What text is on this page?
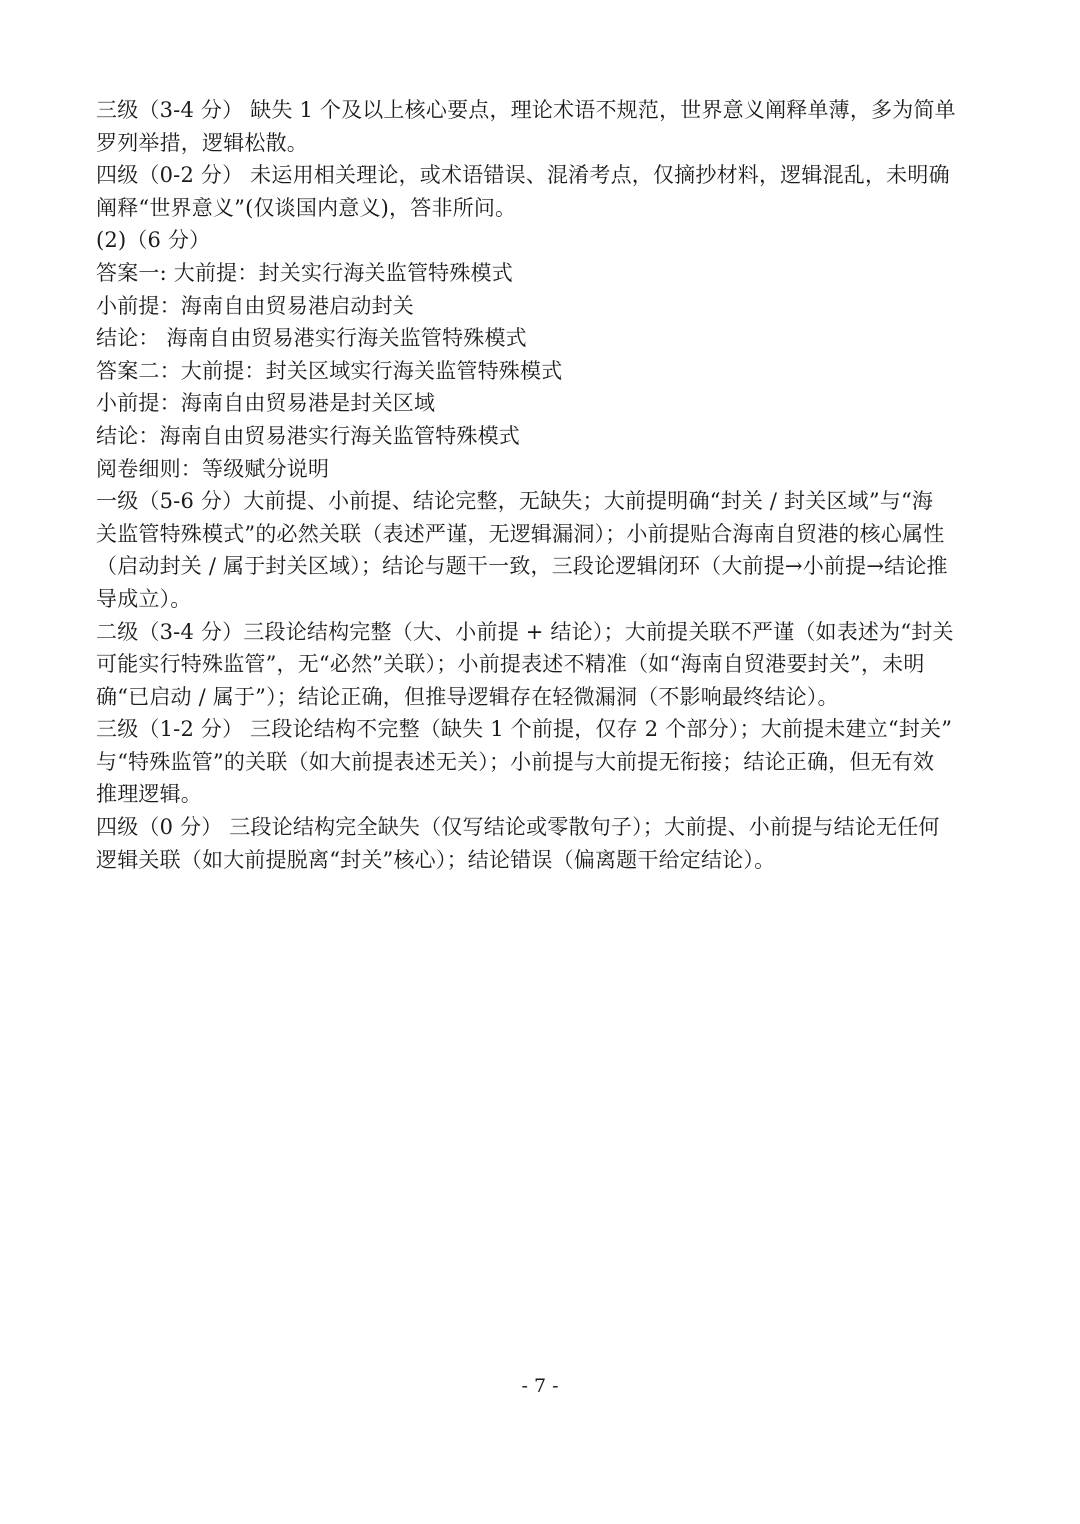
三级（3-4 分） 缺失 1 个及以上核心要点，理论术语不规范，世界意义阐释单薄，多为简单
罗列举措，逻辑松散。
四级（0-2 分） 未运用相关理论，或术语错误、混淆考点，仅摘抄材料，逻辑混乱，未明确
阐释“世界意义”(仅谈国内意义)，答非所问。
(2)（6 分）
答案一: 大前提：封关实行海关监管特殊模式
小前提：海南自由贸易港启动封关
结论： 海南自由贸易港实行海关监管特殊模式
答案二：大前提：封关区域实行海关监管特殊模式
小前提：海南自由贸易港是封关区域
结论：海南自由贸易港实行海关监管特殊模式
阅卷细则：等级赋分说明
一级（5-6 分）大前提、小前提、结论完整，无缺失；大前提明确“封关 / 封关区域”与“海
关监管特殊模式”的必然关联（表述严谨，无逻辑漏洞）；小前提贴合海南自贸港的核心属性
（启动封关 / 属于封关区域）；结论与题干一致，三段论逻辑闭环（大前提→小前提→结论推
导成立）。
二级（3-4 分）三段论结构完整（大、小前提 + 结论）；大前提关联不严谨（如表述为“封关
可能实行特殊监管”，无“必然”关联）；小前提表述不精准（如“海南自贸港要封关”，未明
确“已启动 / 属于”）；结论正确，但推导逻辑存在轻微漏洞（不影响最终结论）。
三级（1-2 分） 三段论结构不完整（缺失 1 个前提，仅存 2 个部分）；大前提未建立“封关”
与“特殊监管”的关联（如大前提表述无关）；小前提与大前提无衔接；结论正确，但无有效
推理逻辑。
四级（0 分） 三段论结构完全缺失（仅写结论或零散句子）；大前提、小前提与结论无任何
逻辑关联（如大前提脱离“封关”核心）；结论错误（偏离题干给定结论）。
- 7 -
